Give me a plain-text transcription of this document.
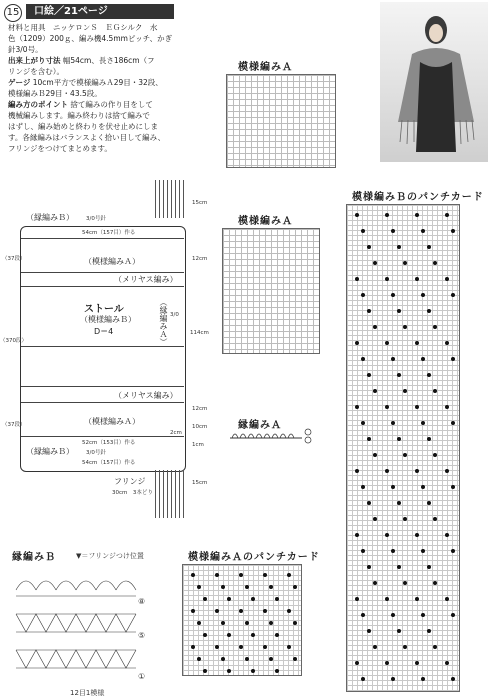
15	口絵／21ページ
材料と用具　ニッケロンＳ　ＥＧシルク　水
色（1209）200ｇ、編み機4.5mmピッチ、かぎ
針3/0号。
出来上がり寸法 幅54cm、長さ186cm（フ
リンジを含む）。
ゲージ 10cm平方で模様編みＡ29目・32段、
模様編みＢ29目・43.5段。
編み方のポイント 捨て編みの作り目をして
機械編みします。編み終わりは捨て編みで
はずし、編み始めと終わりを伏せ止めにしま
す。各縁編みはバランスよく拾い目して編み、
フリンジをつけてまとめます。
模様編みＡ
（縁編みＢ） 3/0号針
54cm（157目）作る
（模様編みＡ）
（メリヤス編み）
ストール
（模様編みＢ）
D＝4	（縁編みＡ）
（メリヤス編み）
（模様編みＡ）
52cm（153目）作る
（縁編みＢ） 3/0号針
54cm（157目）作る
（37段）
（370段）
（37段）
15cm
12cm
114cm
12cm
10cm
1cm
2cm
3/0
15cm
フリンジ
30cm　3本どり
模様編みＡ
縁編みＡ
模様編みＢのパンチカード
縁編みＢ	▼＝フリンジつけ位置
⑧
⑤
①
12目1模様
模様編みＡのパンチカード
